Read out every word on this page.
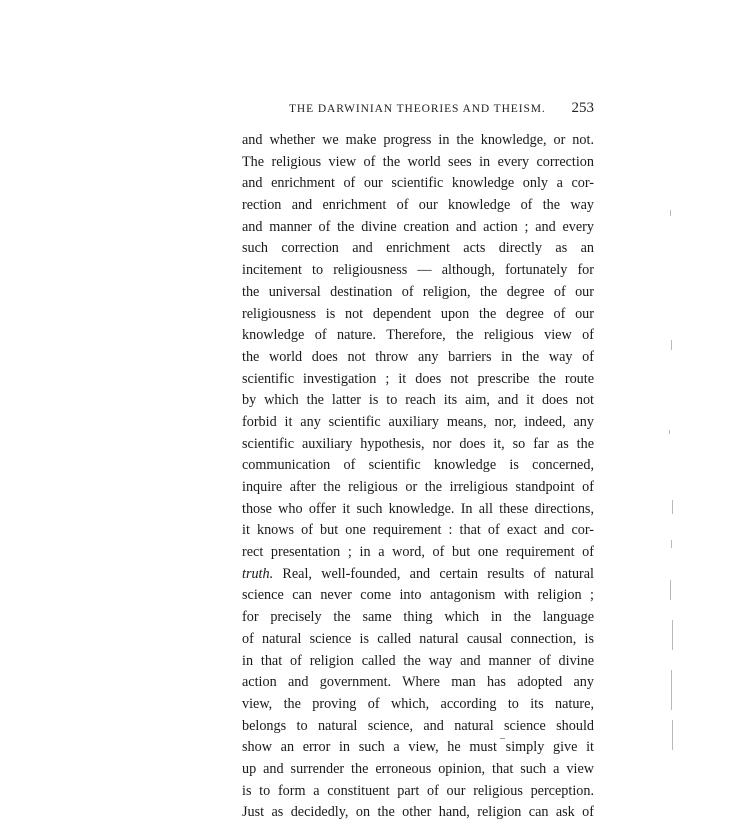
THE DARWINIAN THEORIES AND THEISM. 253
and whether we make progress in the knowledge, or not.
The religious view of the world sees in every correction
and enrichment of our scientific knowledge only a cor-
rection and enrichment of our knowledge of the way
and manner of the divine creation and action ; and every
such correction and enrichment acts directly as an
incitement to religiousness — although, fortunately for
the universal destination of religion, the degree of our
religiousness is not dependent upon the degree of our
knowledge of nature. Therefore, the religious view of
the world does not throw any barriers in the way of
scientific investigation ; it does not prescribe the route
by which the latter is to reach its aim, and it does not
forbid it any scientific auxiliary means, nor, indeed, any
scientific auxiliary hypothesis, nor does it, so far as the
communication of scientific knowledge is concerned,
inquire after the religious or the irreligious standpoint of
those who offer it such knowledge. In all these directions,
it knows of but one requirement : that of exact and cor-
rect presentation ; in a word, of but one requirement of
truth. Real, well-founded, and certain results of natural
science can never come into antagonism with religion ;
for precisely the same thing which in the language
of natural science is called natural causal connection, is
in that of religion called the way and manner of divine
action and government. Where man has adopted any
view, the proving of which, according to its nature,
belongs to natural science, and natural science should
show an error in such a view, he must simply give it
up and surrender the erroneous opinion, that such a view
is to form a constituent part of our religious perception.
Just as decidedly, on the other hand, religion can ask of
